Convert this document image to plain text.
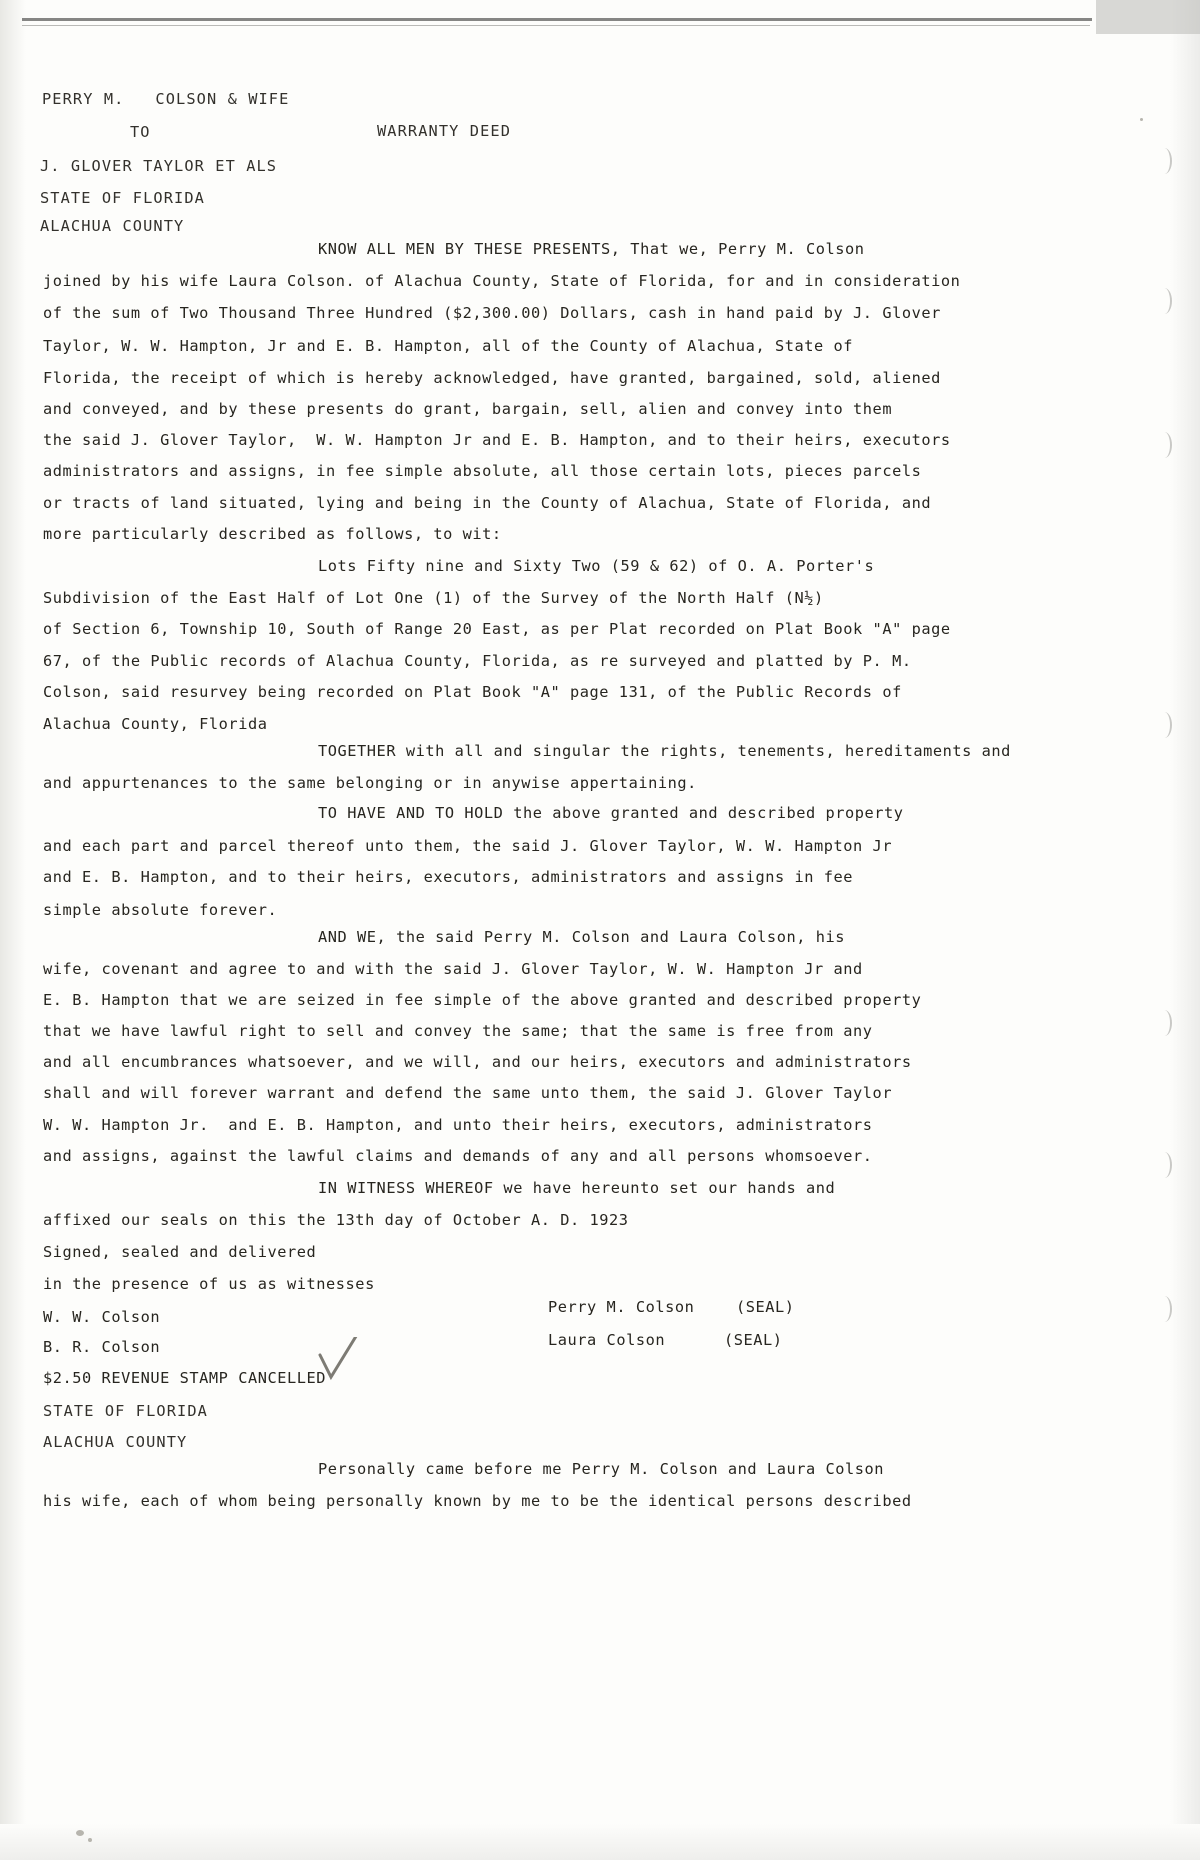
PERRY M.   COLSON & WIFE
TO	WARRANTY DEED
J. GLOVER TAYLOR ET ALS
STATE OF FLORIDA
ALACHUA COUNTY
KNOW ALL MEN BY THESE PRESENTS, That we, Perry M. Colson
joined by his wife Laura Colson. of Alachua County, State of Florida, for and in consideration
of the sum of Two Thousand Three Hundred ($2,300.00) Dollars, cash in hand paid by J. Glover
Taylor, W. W. Hampton, Jr and E. B. Hampton, all of the County of Alachua, State of
Florida, the receipt of which is hereby acknowledged, have granted, bargained, sold, aliened
and conveyed, and by these presents do grant, bargain, sell, alien and convey into them
the said J. Glover Taylor,  W. W. Hampton Jr and E. B. Hampton, and to their heirs, executors
administrators and assigns, in fee simple absolute, all those certain lots, pieces parcels
or tracts of land situated, lying and being in the County of Alachua, State of Florida, and
more particularly described as follows, to wit:
Lots Fifty nine and Sixty Two (59 & 62) of O. A. Porter's
Subdivision of the East Half of Lot One (1) of the Survey of the North Half (N½)
of Section 6, Township 10, South of Range 20 East, as per Plat recorded on Plat Book "A" page
67, of the Public records of Alachua County, Florida, as re surveyed and platted by P. M.
Colson, said resurvey being recorded on Plat Book "A" page 131, of the Public Records of
Alachua County, Florida
TOGETHER with all and singular the rights, tenements, hereditaments and
and appurtenances to the same belonging or in anywise appertaining.
TO HAVE AND TO HOLD the above granted and described property
and each part and parcel thereof unto them, the said J. Glover Taylor, W. W. Hampton Jr
and E. B. Hampton, and to their heirs, executors, administrators and assigns in fee
simple absolute forever.
AND WE, the said Perry M. Colson and Laura Colson, his
wife, covenant and agree to and with the said J. Glover Taylor, W. W. Hampton Jr and
E. B. Hampton that we are seized in fee simple of the above granted and described property
that we have lawful right to sell and convey the same; that the same is free from any
and all encumbrances whatsoever, and we will, and our heirs, executors and administrators
shall and will forever warrant and defend the same unto them, the said J. Glover Taylor
W. W. Hampton Jr.  and E. B. Hampton, and unto their heirs, executors, administrators
and assigns, against the lawful claims and demands of any and all persons whomsoever.
IN WITNESS WHEREOF we have hereunto set our hands and
affixed our seals on this the 13th day of October A. D. 1923
Signed, sealed and delivered
in the presence of us as witnesses
W. W. Colson
B. R. Colson
$2.50 REVENUE STAMP CANCELLED
Perry M. Colson	(SEAL)
Laura Colson	(SEAL)
STATE OF FLORIDA
ALACHUA COUNTY
Personally came before me Perry M. Colson and Laura Colson
his wife, each of whom being personally known by me to be the identical persons described
